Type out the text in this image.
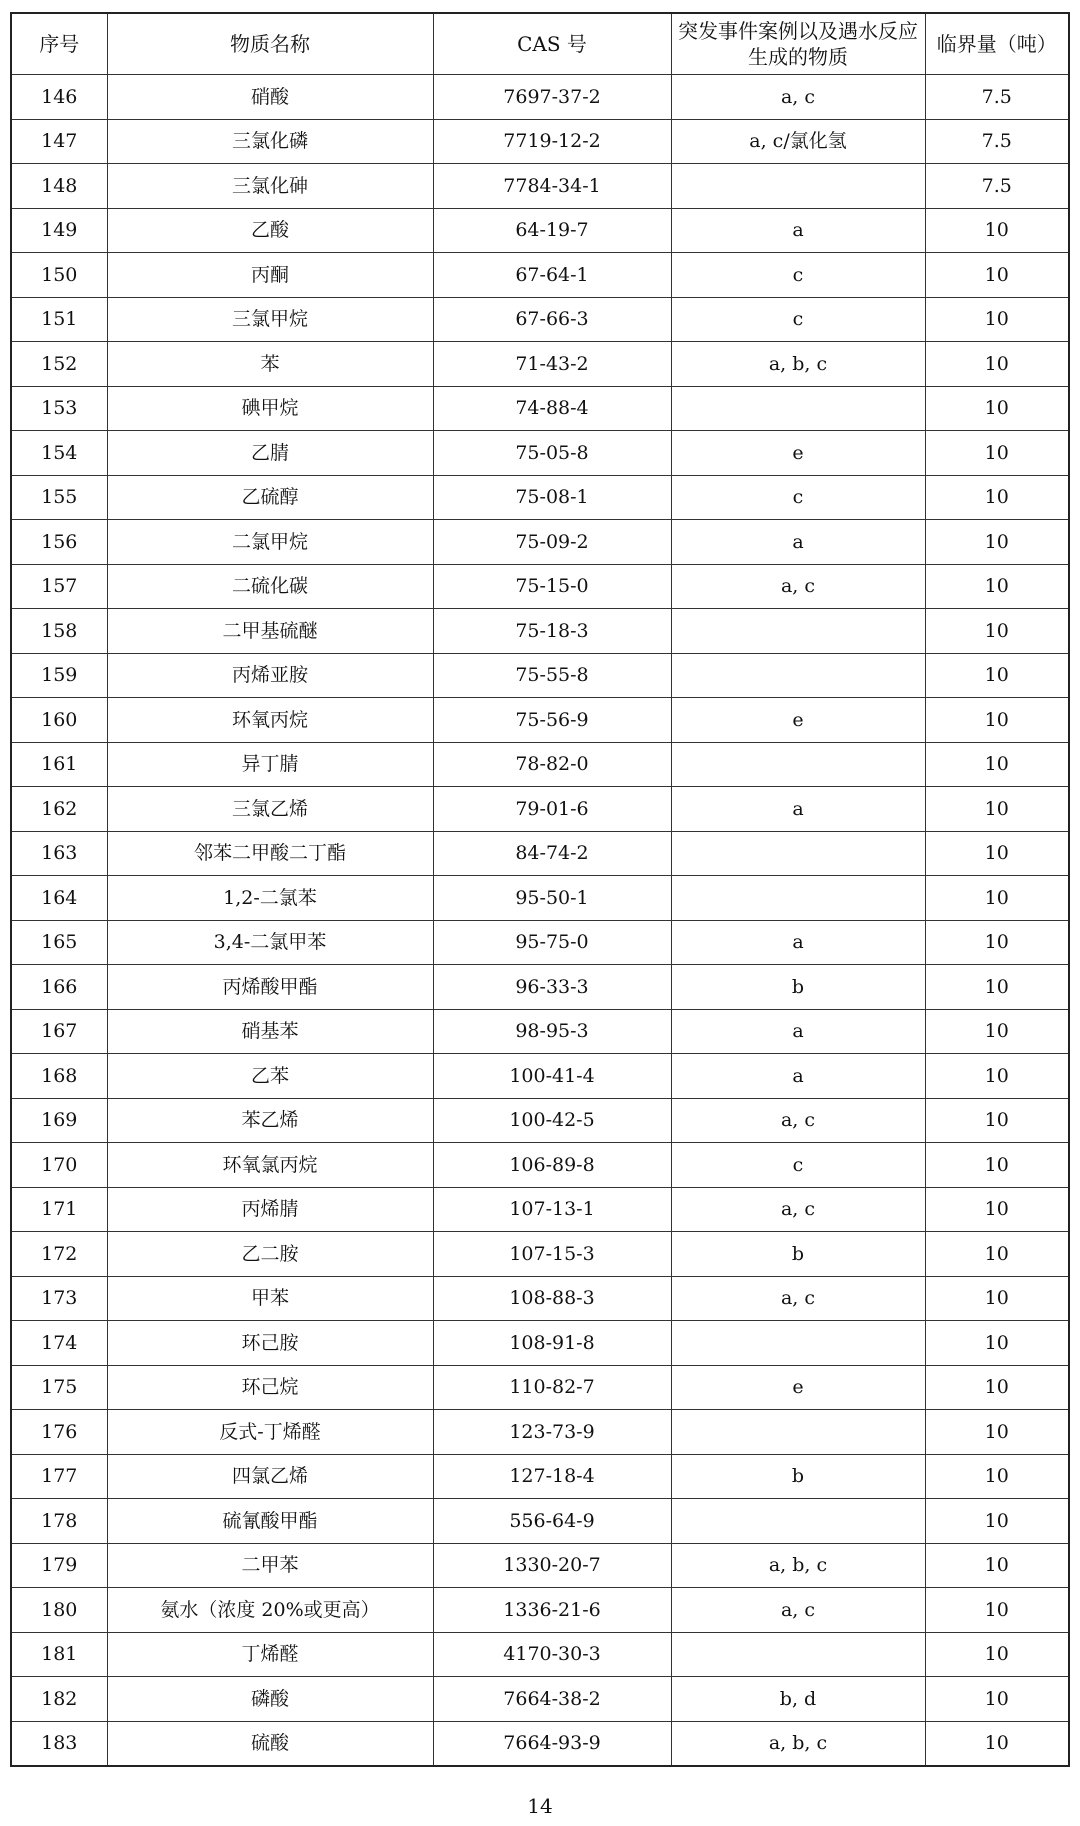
序号	物质名称	CAS 号	突发事件案例以及遇水反应生成的物质	临界量（吨）
146	硝酸	7697-37-2	a, c	7.5
147	三氯化磷	7719-12-2	a, c/氯化氢	7.5
148	三氯化砷	7784-34-1		7.5
149	乙酸	64-19-7	a	10
150	丙酮	67-64-1	c	10
151	三氯甲烷	67-66-3	c	10
152	苯	71-43-2	a, b, c	10
153	碘甲烷	74-88-4		10
154	乙腈	75-05-8	e	10
155	乙硫醇	75-08-1	c	10
156	二氯甲烷	75-09-2	a	10
157	二硫化碳	75-15-0	a, c	10
158	二甲基硫醚	75-18-3		10
159	丙烯亚胺	75-55-8		10
160	环氧丙烷	75-56-9	e	10
161	异丁腈	78-82-0		10
162	三氯乙烯	79-01-6	a	10
163	邻苯二甲酸二丁酯	84-74-2		10
164	1,2-二氯苯	95-50-1		10
165	3,4-二氯甲苯	95-75-0	a	10
166	丙烯酸甲酯	96-33-3	b	10
167	硝基苯	98-95-3	a	10
168	乙苯	100-41-4	a	10
169	苯乙烯	100-42-5	a, c	10
170	环氧氯丙烷	106-89-8	c	10
171	丙烯腈	107-13-1	a, c	10
172	乙二胺	107-15-3	b	10
173	甲苯	108-88-3	a, c	10
174	环己胺	108-91-8		10
175	环己烷	110-82-7	e	10
176	反式-丁烯醛	123-73-9		10
177	四氯乙烯	127-18-4	b	10
178	硫氰酸甲酯	556-64-9		10
179	二甲苯	1330-20-7	a, b, c	10
180	氨水（浓度 20%或更高）	1336-21-6	a, c	10
181	丁烯醛	4170-30-3		10
182	磷酸	7664-38-2	b, d	10
183	硫酸	7664-93-9	a, b, c	10
14
